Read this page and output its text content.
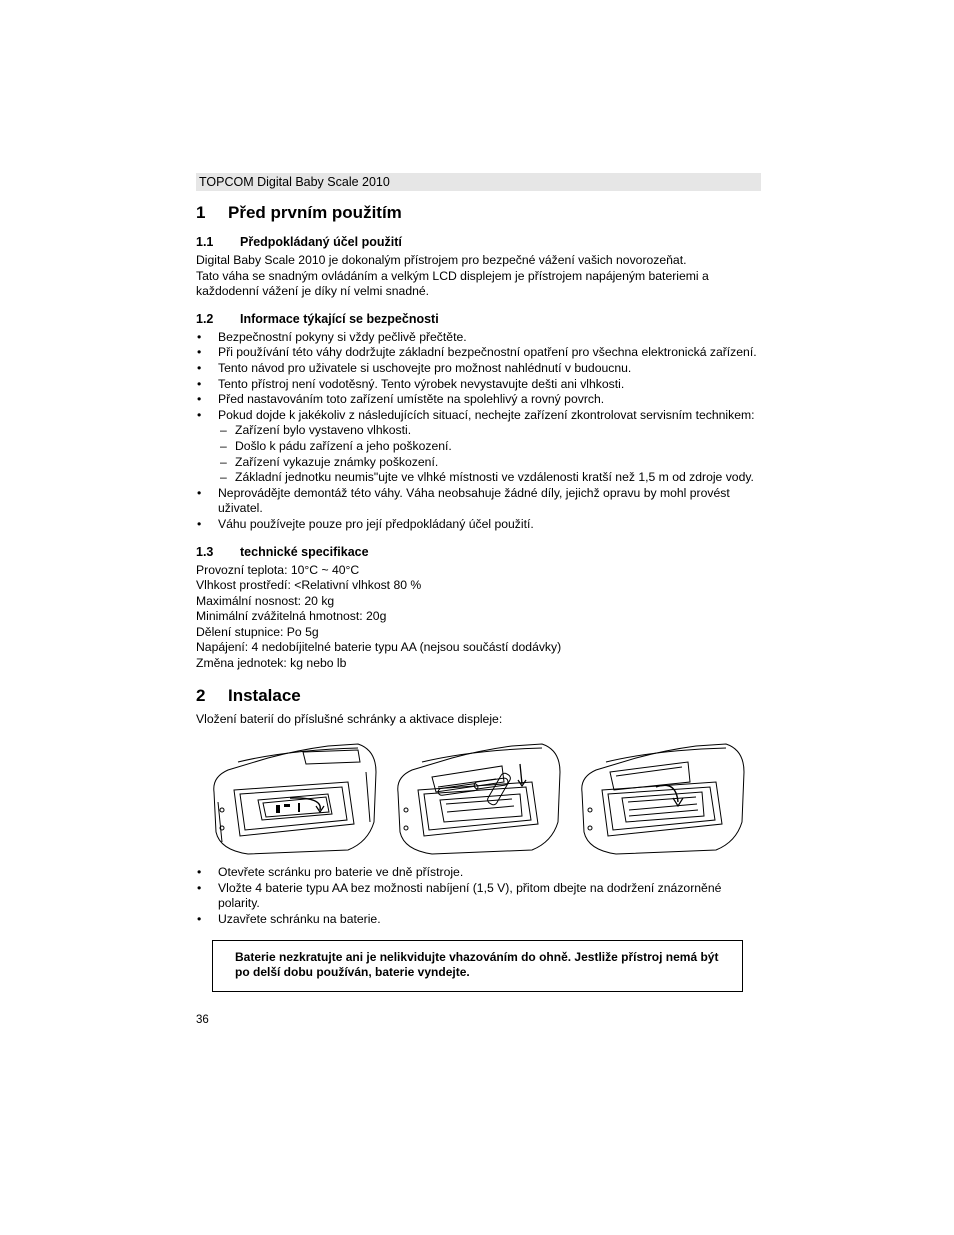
TOPCOM Digital Baby Scale 2010
1	Před prvním použitím
1.1	Předpokládaný účel použití

Digital Baby Scale 2010 je dokonalým přístrojem pro bezpečné vážení vašich novorozeňat.

Tato váha se snadným ovládáním a velkým LCD displejem je přístrojem napájeným bateriemi a

každodenní vážení je díky ní velmi snadné.

1.2	Informace týkající se bezpečnosti
• Bezpečnostní pokyny si vždy pečlivě přečtěte.
• Při používání této váhy dodržujte základní bezpečnostní opatření pro všechna elektronická zařízení.
• Tento návod pro uživatele si uschovejte pro možnost nahlédnutí v budoucnu.
• Tento přístroj není vodotěsný. Tento výrobek nevystavujte dešti ani vlhkosti.
• Před nastavováním toto zařízení umístěte na spolehlivý a rovný povrch.
• Pokud dojde k jakékoliv z následujících situací, nechejte zařízení zkontrolovat servisním technikem:
– Zařízení bylo vystaveno vlhkosti.
– Došlo k pádu zařízení a jeho poškození.
– Zařízení vykazuje známky poškození.
– Základní jednotku neumis"ujte ve vlhké místnosti ve vzdálenosti kratší než 1,5 m od zdroje vody.
• Neprovádějte demontáž této váhy. Váha neobsahuje žádné díly, jejichž opravu by mohl provést uživatel.
• Váhu používejte pouze pro její předpokládaný účel použití.
1.3	technické specifikace

Provozní teplota: 10°C ~ 40°C

Vlhkost prostředí: <Relativní vlhkost 80 %

Maximální nosnost: 20 kg

Minimální zvážitelná hmotnost: 20g

Dělení stupnice: Po 5g

Napájení: 4 nedobíjitelné baterie typu AA (nejsou součástí dodávky)

Změna jednotek: kg nebo lb

2	Instalace

Vložení baterií do příslušné schránky a aktivace displeje:

• Otevřete scránku pro baterie ve dně přístroje.
• Vložte 4 baterie typu AA bez možnosti nabíjení (1,5 V), přitom dbejte na dodržení znázorněné polarity.
• Uzavřete schránku na baterie.
Baterie nezkratujte ani je nelikvidujte vhazováním do ohně. Jestliže přístroj nemá být po delší dobu používán, baterie vyndejte.
36
